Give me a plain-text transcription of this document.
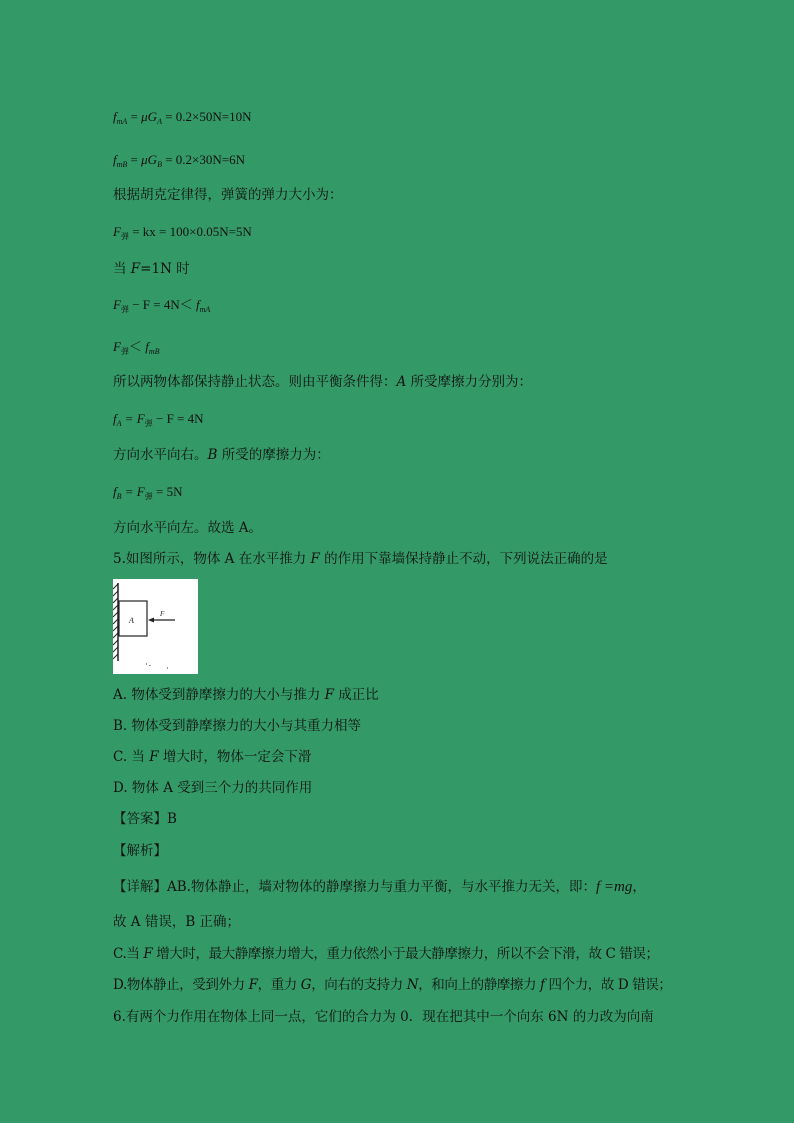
$f_{mA} = \mu G_A = 0.2\times 50N=10N$
$f_{mB} = \mu G_B = 0.2\times 30N=6N$
根据胡克定律得，弹簧的弹力大小为：
$F_弹$ = kx = 100×0.05N=5N
当 F=1N 时
$F_弹 - F = 4N< f_{mA}$
$F_弹< f_{mB}$
所以两物体都保持静止状态。则由平衡条件得：A 所受摩擦力分别为：
$f_A = F_弹 - F = 4N$
方向水平向右。B 所受的摩擦力为：
$f_B = F_弹 = 5N$
方向水平向左。故选 A。
5.如图所示，物体 A 在水平推力 F 的作用下靠墙保持静止不动，下列说法正确的是
A
F
A. 物体受到静摩擦力的大小与推力 F 成正比
B. 物体受到静摩擦力的大小与其重力相等
C. 当 F 增大时，物体一定会下滑
D. 物体 A 受到三个力的共同作用
【答案】B
【解析】
【详解】AB.物体静止，墙对物体的静摩擦力与重力平衡，与水平推力无关，即：f =mg，
故 A 错误，B 正确；
C.当 F 增大时，最大静摩擦力增大，重力依然小于最大静摩擦力，所以不会下滑，故 C 错误；
D.物体静止，受到外力 F，重力 G，向右的支持力 N，和向上的静摩擦力 f 四个力，故 D 错误；
6.有两个力作用在物体上同一点，它们的合力为 0．现在把其中一个向东 6N 的力改为向南
